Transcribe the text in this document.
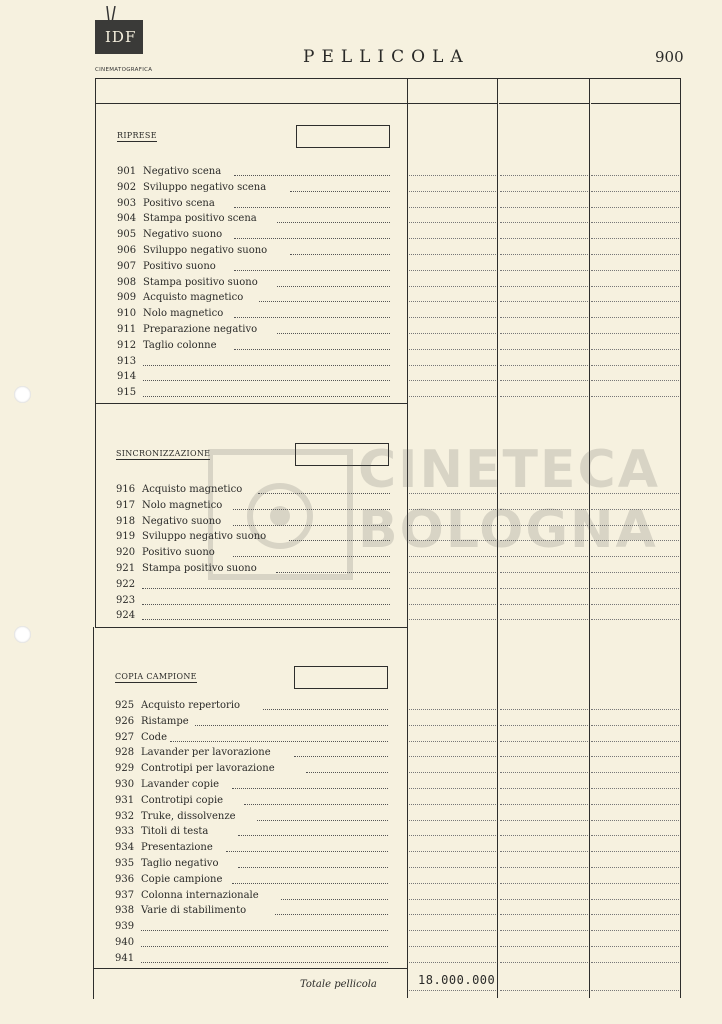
IDF
CINEMATOGRAFICA
PELLICOLA	900
RIPRESE
901 Negativo scena
902 Sviluppo negativo scena
903 Positivo scena
904 Stampa positivo scena
905 Negativo suono
906 Sviluppo negativo suono
907 Positivo suono
908 Stampa positivo suono
909 Acquisto magnetico
910 Nolo magnetico
911 Preparazione negativo
912 Taglio colonne
913
914
915
SINCRONIZZAZIONE
916 Acquisto magnetico
917 Nolo magnetico
918 Negativo suono
919 Sviluppo negativo suono
920 Positivo suono
921 Stampa positivo suono
922
923
924
COPIA CAMPIONE
925 Acquisto repertorio
926 Ristampe
927 Code
928 Lavander per lavorazione
929 Controtipi per lavorazione
930 Lavander copie
931 Controtipi copie
932 Truke, dissolvenze
933 Titoli di testa
934 Presentazione
935 Taglio negativo
936 Copie campione
937 Colonna internazionale
938 Varie di stabilimento
939
940
941
CINETECA
BOLOGNA
Totale pellicola	18.000.000
